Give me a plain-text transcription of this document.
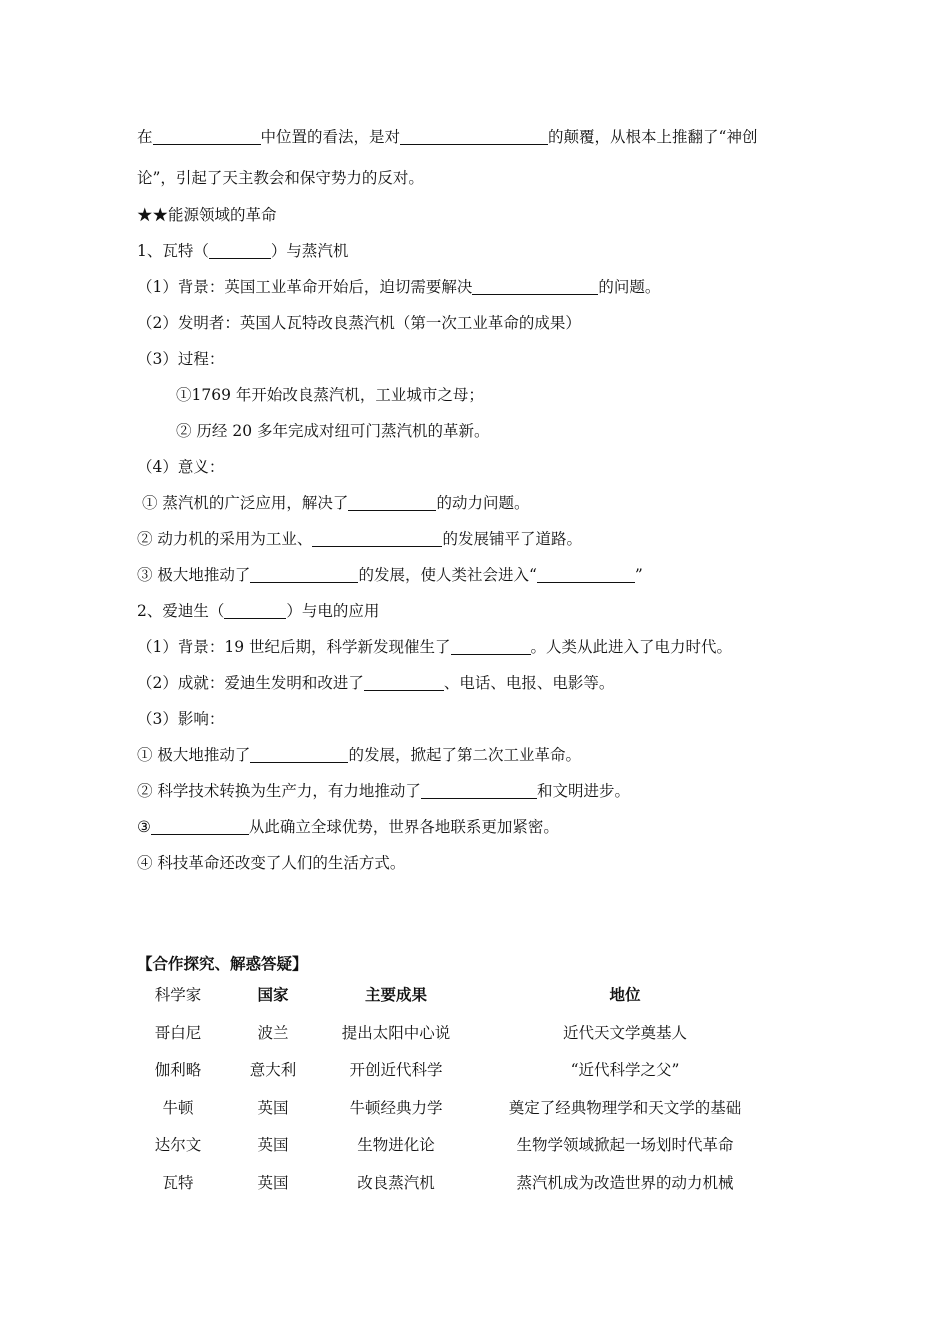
在	中位置的看法，是对	的颠覆，从根本上推翻了“神创
论”，引起了天主教会和保守势力的反对。
★★能源领域的革命
1、瓦特（	）与蒸汽机
（1）背景：英国工业革命开始后，迫切需要解决	的问题。
（2）发明者：英国人瓦特改良蒸汽机（第一次工业革命的成果）
（3）过程：
①1769 年开始改良蒸汽机，工业城市之母；
② 历经 20 多年完成对纽可门蒸汽机的革新。
（4）意义：
① 蒸汽机的广泛应用，解决了	的动力问题。
② 动力机的采用为工业、	的发展铺平了道路。
③ 极大地推动了	的发展，使人类社会进入“	”
2、爱迪生（	）与电的应用
（1）背景：19 世纪后期，科学新发现催生了	。人类从此进入了电力时代。
（2）成就：爱迪生发明和改进了	、电话、电报、电影等。
（3）影响：
① 极大地推动了	的发展，掀起了第二次工业革命。
② 科学技术转换为生产力，有力地推动了	和文明进步。
③	从此确立全球优势，世界各地联系更加紧密。
④ 科技革命还改变了人们的生活方式。
【合作探究、解惑答疑】
科学家	国家	主要成果	地位
哥白尼	波兰	提出太阳中心说	近代天文学奠基人
伽利略	意大利	开创近代科学	“近代科学之父”
牛顿	英国	牛顿经典力学	奠定了经典物理学和天文学的基础
达尔文	英国	生物进化论	生物学领域掀起一场划时代革命
瓦特	英国	改良蒸汽机	蒸汽机成为改造世界的动力机械
